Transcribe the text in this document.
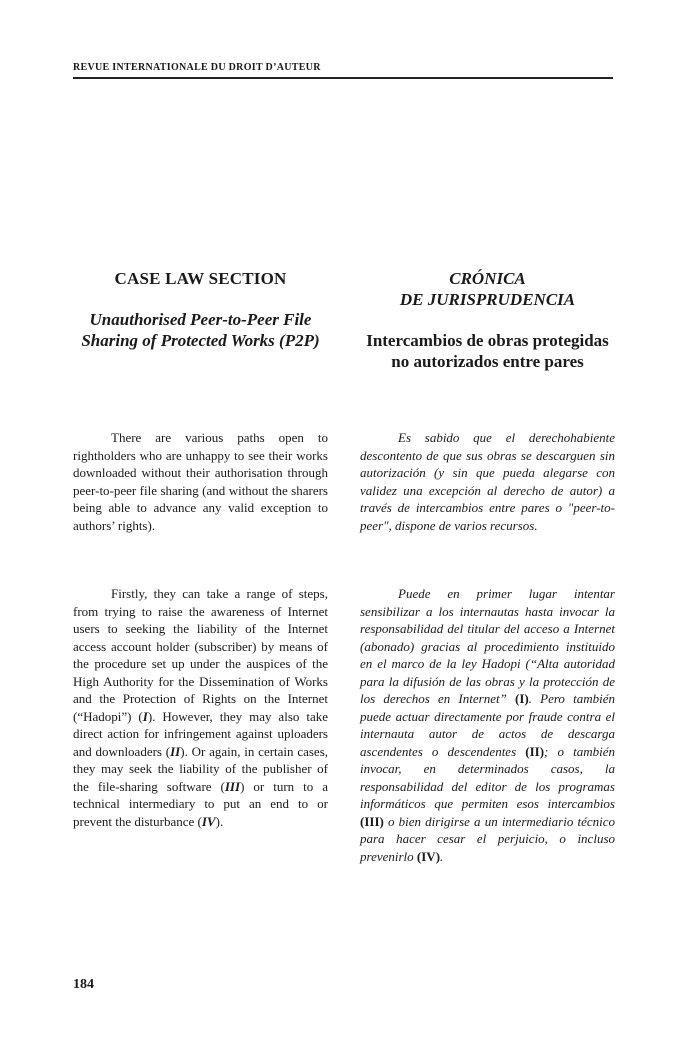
REVUE INTERNATIONALE DU DROIT D’AUTEUR

CASE LAW SECTION

Unauthorised Peer-to-Peer File Sharing of Protected Works (P2P)

CRÓNICA
DE JURISPRUDENCIA

Intercambios de obras protegidas no autorizados entre pares

There are various paths open to rightholders who are unhappy to see their works downloaded without their authorisation through peer-to-peer file sharing (and without the sharers being able to advance any valid exception to authors’ rights).

Es sabido que el derechohabiente descontento de que sus obras se descarguen sin autorización (y sin que pueda alegarse con validez una excepción al derecho de autor) a través de intercambios entre pares o "peer-to-peer", dispone de varios recursos.

Firstly, they can take a range of steps, from trying to raise the awareness of Internet users to seeking the liability of the Internet access account holder (subscriber) by means of the procedure set up under the auspices of the High Authority for the Dissemination of Works and the Protection of Rights on the Internet (“Hadopi”) (I). However, they may also take direct action for infringement against uploaders and downloaders (II). Or again, in certain cases, they may seek the liability of the publisher of the file-sharing software (III) or turn to a technical intermediary to put an end to or prevent the disturbance (IV).

Puede en primer lugar intentar sensibilizar a los internautas hasta invocar la responsabilidad del titular del acceso a Internet (abonado) gracias al procedimiento instituido en el marco de la ley Hadopi (“Alta autoridad para la difusión de las obras y la protección de los derechos en Internet” (I). Pero también puede actuar directamente por fraude contra el internauta autor de actos de descarga ascendentes o descendentes (II); o también invocar, en determinados casos, la responsabilidad del editor de los programas informáticos que permiten esos intercambios (III) o bien dirigirse a un intermediario técnico para hacer cesar el perjuicio, o incluso prevenirlo (IV).

184
